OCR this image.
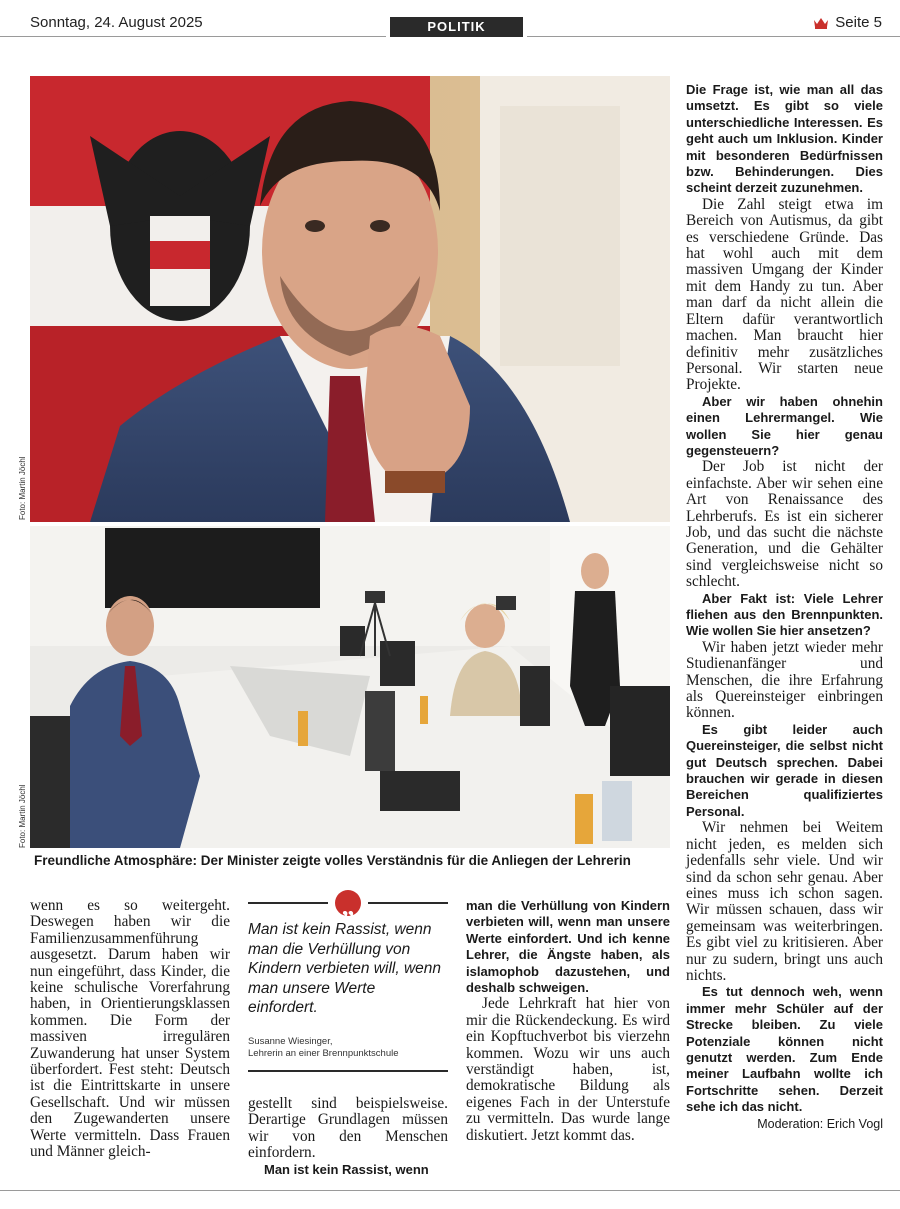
Sonntag, 24. August 2025	POLITIK	Seite 5
Foto: Martin Jöchl
Foto: Martin Jöchl
Freundliche Atmosphäre: Der Minister zeigte volles Verständnis für die Anliegen der Lehrerin

Die Frage ist, wie man all das umsetzt. Es gibt so viele unterschiedliche Interessen. Es geht auch um Inklusion. Kinder mit besonderen Bedürfnissen bzw. Behinderungen. Dies scheint derzeit zuzunehmen.

Die Zahl steigt etwa im Bereich von Autismus, da gibt es verschiedene Gründe. Das hat wohl auch mit dem massiven Umgang der Kinder mit dem Handy zu tun. Aber man darf da nicht allein die Eltern dafür verantwortlich machen. Man braucht hier definitiv mehr zusätzliches Personal. Wir starten neue Projekte.

Aber wir haben ohnehin einen Lehrermangel. Wie wollen Sie hier genau gegensteuern?

Der Job ist nicht der einfachste. Aber wir sehen eine Art von Renaissance des Lehrberufs. Es ist ein sicherer Job, und das sucht die nächste Generation, und die Gehälter sind vergleichsweise nicht so schlecht.

Aber Fakt ist: Viele Lehrer fliehen aus den Brennpunkten. Wie wollen Sie hier ansetzen?

Wir haben jetzt wieder mehr Studienanfänger und Menschen, die ihre Erfahrung als Quereinsteiger einbringen können.

Es gibt leider auch Quereinsteiger, die selbst nicht gut Deutsch sprechen. Dabei brauchen wir gerade in diesen Bereichen qualifiziertes Personal.

Wir nehmen bei Weitem nicht jeden, es melden sich jedenfalls sehr viele. Und wir sind da schon sehr genau. Aber eines muss ich schon sagen. Wir müssen schauen, dass wir gemeinsam was weiterbringen. Es gibt viel zu kritisieren. Aber nur zu sudern, bringt uns auch nichts.

Es tut dennoch weh, wenn immer mehr Schüler auf der Strecke bleiben. Zu viele Potenziale können nicht genutzt werden. Zum Ende meiner Laufbahn wollte ich Fortschritte sehen. Derzeit sehe ich das nicht.

Moderation: Erich Vogl

wenn es so weitergeht. Deswegen haben wir die Familienzusammenführung ausgesetzt. Darum haben wir nun eingeführt, dass Kinder, die keine schulische Vorerfahrung haben, in Orientierungsklassen kommen. Die Form der massiven irregulären Zuwanderung hat unser System überfordert. Fest steht: Deutsch ist die Eintrittskarte in unsere Gesellschaft. Und wir müssen den Zugewanderten unsere Werte vermitteln. Dass Frauen und Männer gleich-

„
Man ist kein Rassist, wenn man die Verhüllung von Kindern verbieten will, wenn man unsere Werte einfordert.
Susanne Wiesinger,
Lehrerin an einer Brennpunktschule

gestellt sind beispielsweise. Derartige Grundlagen müssen wir von den Menschen einfordern.

Man ist kein Rassist, wenn

man die Verhüllung von Kindern verbieten will, wenn man unsere Werte einfordert. Und ich kenne Lehrer, die Ängste haben, als islamophob dazustehen, und deshalb schweigen.

Jede Lehrkraft hat hier von mir die Rückendeckung. Es wird ein Kopftuchverbot bis vierzehn kommen. Wozu wir uns auch verständigt haben, ist, demokratische Bildung als eigenes Fach in der Unterstufe zu vermitteln. Das wurde lange diskutiert. Jetzt kommt das.
